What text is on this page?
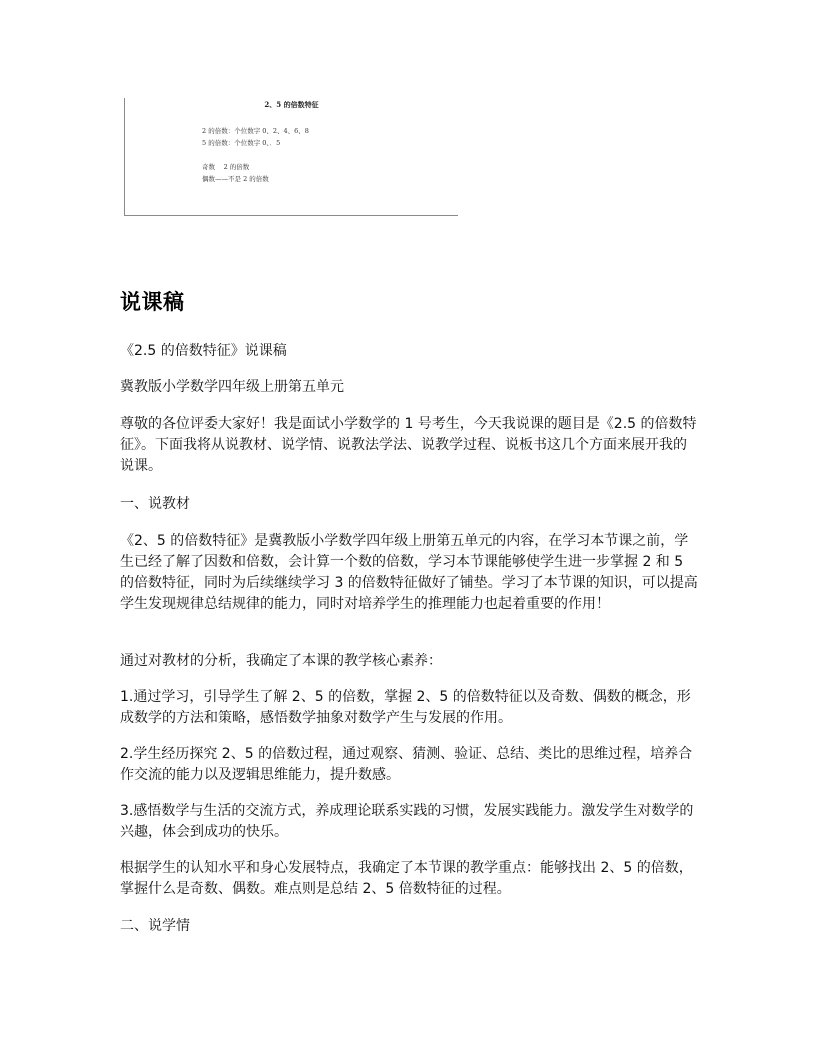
2、5 的倍数特征
2 的倍数：个位数字 0、2、4、6、8
5 的倍数：个位数字 0、．5
奇数　 2 的倍数
偶数——不是 2 的倍数
说课稿

《2.5 的倍数特征》说课稿

冀教版小学数学四年级上册第五单元

尊敬的各位评委大家好！我是面试小学数学的 1 号考生，今天我说课的题目是《2.5 的倍数特征》。下面我将从说教材、说学情、说教法学法、说教学过程、说板书这几个方面来展开我的说课。

一、说教材

《2、5 的倍数特征》是冀教版小学数学四年级上册第五单元的内容，在学习本节课之前，学生已经了解了因数和倍数，会计算一个数的倍数，学习本节课能够使学生进一步掌握 2 和 5 的倍数特征，同时为后续继续学习 3 的倍数特征做好了铺垫。学习了本节课的知识，可以提高学生发现规律总结规律的能力，同时对培养学生的推理能力也起着重要的作用！

通过对教材的分析，我确定了本课的教学核心素养：

1.通过学习，引导学生了解 2、5 的倍数，掌握 2、5 的倍数特征以及奇数、偶数的概念，形成数学的方法和策略，感悟数学抽象对数学产生与发展的作用。

2.学生经历探究 2、5 的倍数过程，通过观察、猜测、验证、总结、类比的思维过程，培养合作交流的能力以及逻辑思维能力，提升数感。

3.感悟数学与生活的交流方式，养成理论联系实践的习惯，发展实践能力。激发学生对数学的兴趣，体会到成功的快乐。

根据学生的认知水平和身心发展特点，我确定了本节课的教学重点：能够找出 2、5 的倍数，掌握什么是奇数、偶数。难点则是总结 2、5 倍数特征的过程。

二、说学情
